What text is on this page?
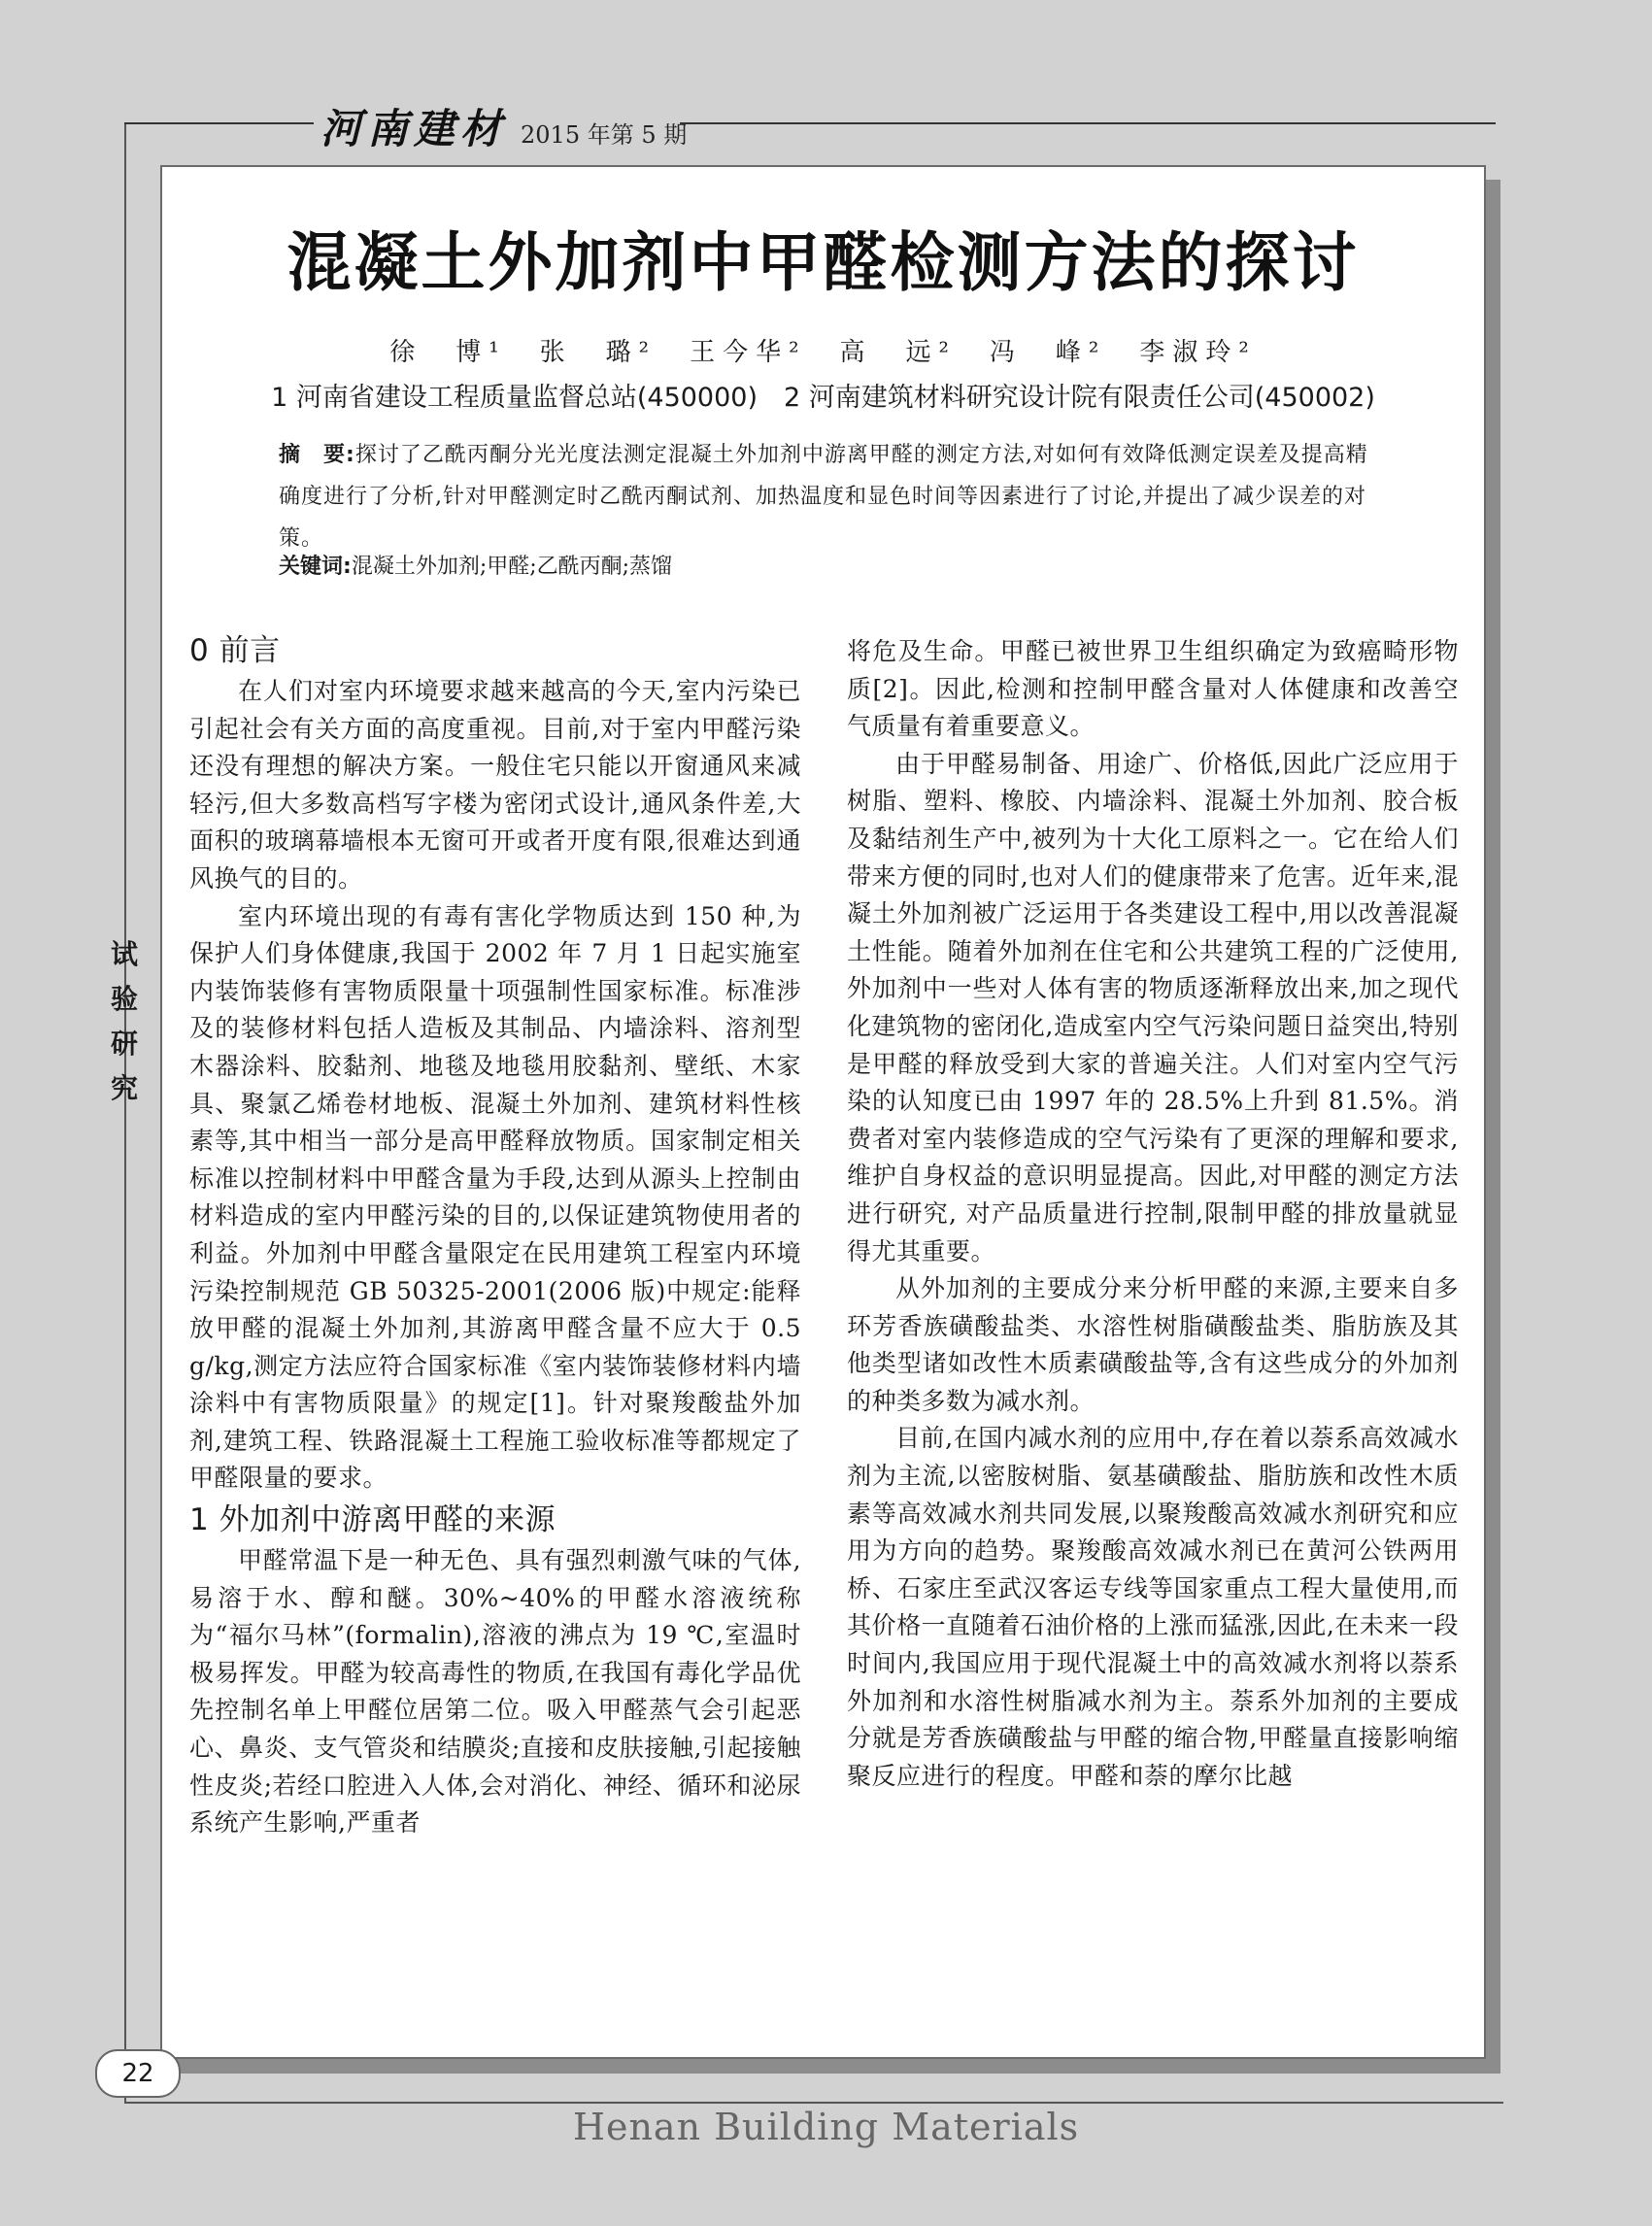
河南建材 2015 年第 5 期
混凝土外加剂中甲醛检测方法的探讨
徐　博¹　张　璐²　王今华²　高　远²　冯　峰²　李淑玲²
1 河南省建设工程质量监督总站(450000)　2 河南建筑材料研究设计院有限责任公司(450002)
摘　要:探讨了乙酰丙酮分光光度法测定混凝土外加剂中游离甲醛的测定方法,对如何有效降低测定误差及提高精确度进行了分析,针对甲醛测定时乙酰丙酮试剂、加热温度和显色时间等因素进行了讨论,并提出了减少误差的对策。
关键词:混凝土外加剂;甲醛;乙酰丙酮;蒸馏
0 前言

在人们对室内环境要求越来越高的今天,室内污染已引起社会有关方面的高度重视。目前,对于室内甲醛污染还没有理想的解决方案。一般住宅只能以开窗通风来减轻污,但大多数高档写字楼为密闭式设计,通风条件差,大面积的玻璃幕墙根本无窗可开或者开度有限,很难达到通风换气的目的。

室内环境出现的有毒有害化学物质达到 150 种,为保护人们身体健康,我国于 2002 年 7 月 1 日起实施室内装饰装修有害物质限量十项强制性国家标准。标准涉及的装修材料包括人造板及其制品、内墙涂料、溶剂型木器涂料、胶黏剂、地毯及地毯用胶黏剂、壁纸、木家具、聚氯乙烯卷材地板、混凝土外加剂、建筑材料性核素等,其中相当一部分是高甲醛释放物质。国家制定相关标准以控制材料中甲醛含量为手段,达到从源头上控制由材料造成的室内甲醛污染的目的,以保证建筑物使用者的利益。外加剂中甲醛含量限定在民用建筑工程室内环境污染控制规范 GB 50325-2001(2006 版)中规定:能释放甲醛的混凝土外加剂,其游离甲醛含量不应大于 0.5 g/kg,测定方法应符合国家标准《室内装饰装修材料内墙涂料中有害物质限量》的规定[1]。针对聚羧酸盐外加剂,建筑工程、铁路混凝土工程施工验收标准等都规定了甲醛限量的要求。

1 外加剂中游离甲醛的来源

甲醛常温下是一种无色、具有强烈刺激气味的气体,易溶于水、醇和醚。30%~40%的甲醛水溶液统称为“福尔马林”(formalin),溶液的沸点为 19 ℃,室温时极易挥发。甲醛为较高毒性的物质,在我国有毒化学品优先控制名单上甲醛位居第二位。吸入甲醛蒸气会引起恶心、鼻炎、支气管炎和结膜炎;直接和皮肤接触,引起接触性皮炎;若经口腔进入人体,会对消化、神经、循环和泌尿系统产生影响,严重者

将危及生命。甲醛已被世界卫生组织确定为致癌畸形物质[2]。因此,检测和控制甲醛含量对人体健康和改善空气质量有着重要意义。

由于甲醛易制备、用途广、价格低,因此广泛应用于树脂、塑料、橡胶、内墙涂料、混凝土外加剂、胶合板及黏结剂生产中,被列为十大化工原料之一。它在给人们带来方便的同时,也对人们的健康带来了危害。近年来,混凝土外加剂被广泛运用于各类建设工程中,用以改善混凝土性能。随着外加剂在住宅和公共建筑工程的广泛使用,外加剂中一些对人体有害的物质逐渐释放出来,加之现代化建筑物的密闭化,造成室内空气污染问题日益突出,特别是甲醛的释放受到大家的普遍关注。人们对室内空气污染的认知度已由 1997 年的 28.5%上升到 81.5%。消费者对室内装修造成的空气污染有了更深的理解和要求,维护自身权益的意识明显提高。因此,对甲醛的测定方法进行研究, 对产品质量进行控制,限制甲醛的排放量就显得尤其重要。

从外加剂的主要成分来分析甲醛的来源,主要来自多环芳香族磺酸盐类、水溶性树脂磺酸盐类、脂肪族及其他类型诸如改性木质素磺酸盐等,含有这些成分的外加剂的种类多数为减水剂。

目前,在国内减水剂的应用中,存在着以萘系高效减水剂为主流,以密胺树脂、氨基磺酸盐、脂肪族和改性木质素等高效减水剂共同发展,以聚羧酸高效减水剂研究和应用为方向的趋势。聚羧酸高效减水剂已在黄河公铁两用桥、石家庄至武汉客运专线等国家重点工程大量使用,而其价格一直随着石油价格的上涨而猛涨,因此,在未来一段时间内,我国应用于现代混凝土中的高效减水剂将以萘系外加剂和水溶性树脂减水剂为主。萘系外加剂的主要成分就是芳香族磺酸盐与甲醛的缩合物,甲醛量直接影响缩聚反应进行的程度。甲醛和萘的摩尔比越

试
验
研
究
22
Henan Building Materials
